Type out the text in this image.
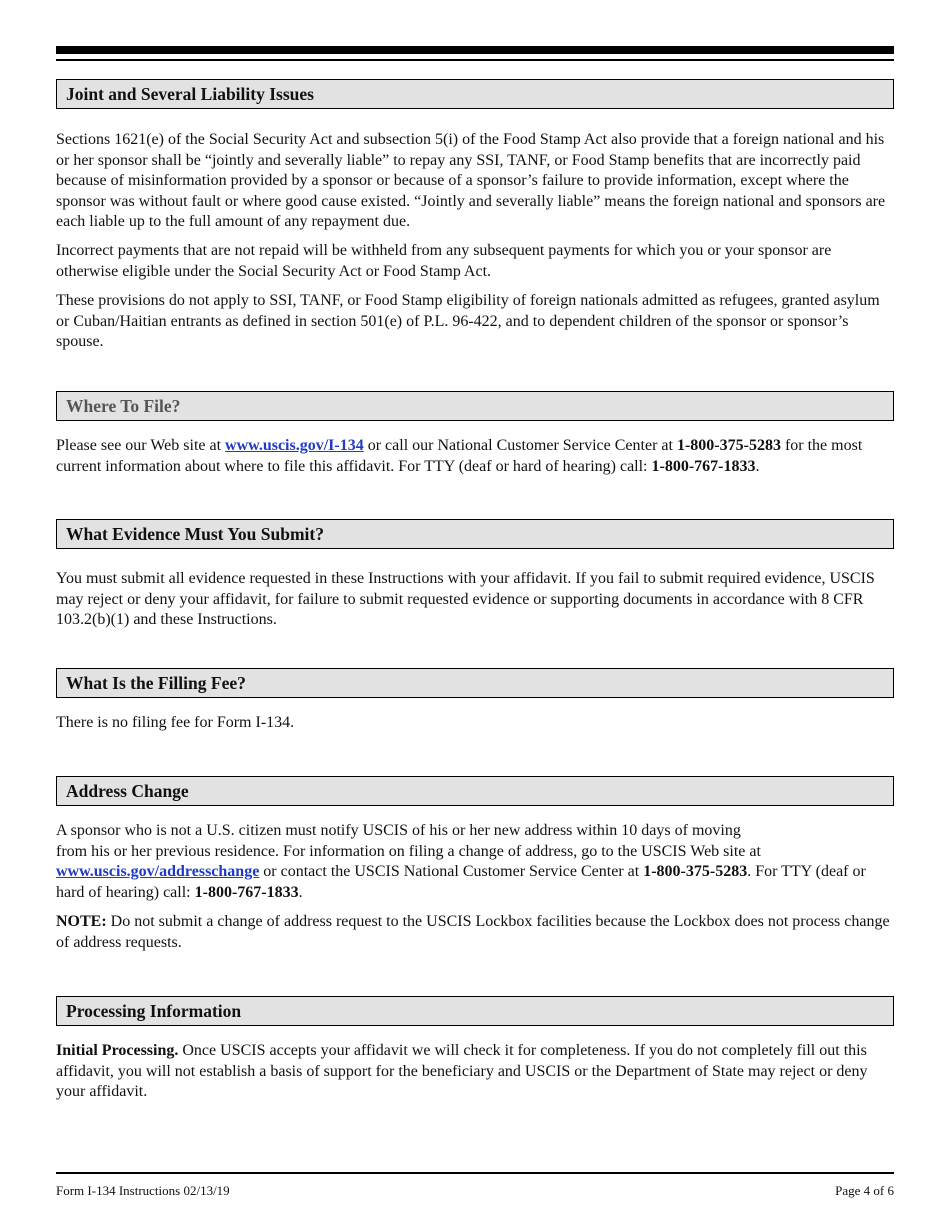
Joint and Several Liability Issues

Sections 1621(e) of the Social Security Act and subsection 5(i) of the Food Stamp Act also provide that a foreign national and his or her sponsor shall be “jointly and severally liable” to repay any SSI, TANF, or Food Stamp benefits that are incorrectly paid because of misinformation provided by a sponsor or because of a sponsor’s failure to provide information, except where the sponsor was without fault or where good cause existed. “Jointly and severally liable” means the foreign national and sponsors are each liable up to the full amount of any repayment due.

Incorrect payments that are not repaid will be withheld from any subsequent payments for which you or your sponsor are otherwise eligible under the Social Security Act or Food Stamp Act.

These provisions do not apply to SSI, TANF, or Food Stamp eligibility of foreign nationals admitted as refugees, granted asylum or Cuban/Haitian entrants as defined in section 501(e) of P.L. 96-422, and to dependent children of the sponsor or sponsor’s spouse.

Where To File?

Please see our Web site at www.uscis.gov/I-134 or call our National Customer Service Center at 1-800-375-5283 for the most current information about where to file this affidavit. For TTY (deaf or hard of hearing) call: 1-800-767-1833.

What Evidence Must You Submit?

You must submit all evidence requested in these Instructions with your affidavit. If you fail to submit required evidence, USCIS may reject or deny your affidavit, for failure to submit requested evidence or supporting documents in accordance with 8 CFR 103.2(b)(1) and these Instructions.

What Is the Filling Fee?

There is no filing fee for Form I-134.

Address Change

A sponsor who is not a U.S. citizen must notify USCIS of his or her new address within 10 days of moving
from his or her previous residence. For information on filing a change of address, go to the USCIS Web site at
www.uscis.gov/addresschange or contact the USCIS National Customer Service Center at 1-800-375-5283. For TTY (deaf or hard of hearing) call: 1-800-767-1833.

NOTE: Do not submit a change of address request to the USCIS Lockbox facilities because the Lockbox does not process change of address requests.

Processing Information

Initial Processing. Once USCIS accepts your affidavit we will check it for completeness. If you do not completely fill out this affidavit, you will not establish a basis of support for the beneficiary and USCIS or the Department of State may reject or deny your affidavit.

Form I-134 Instructions 02/13/19	Page 4 of 6
